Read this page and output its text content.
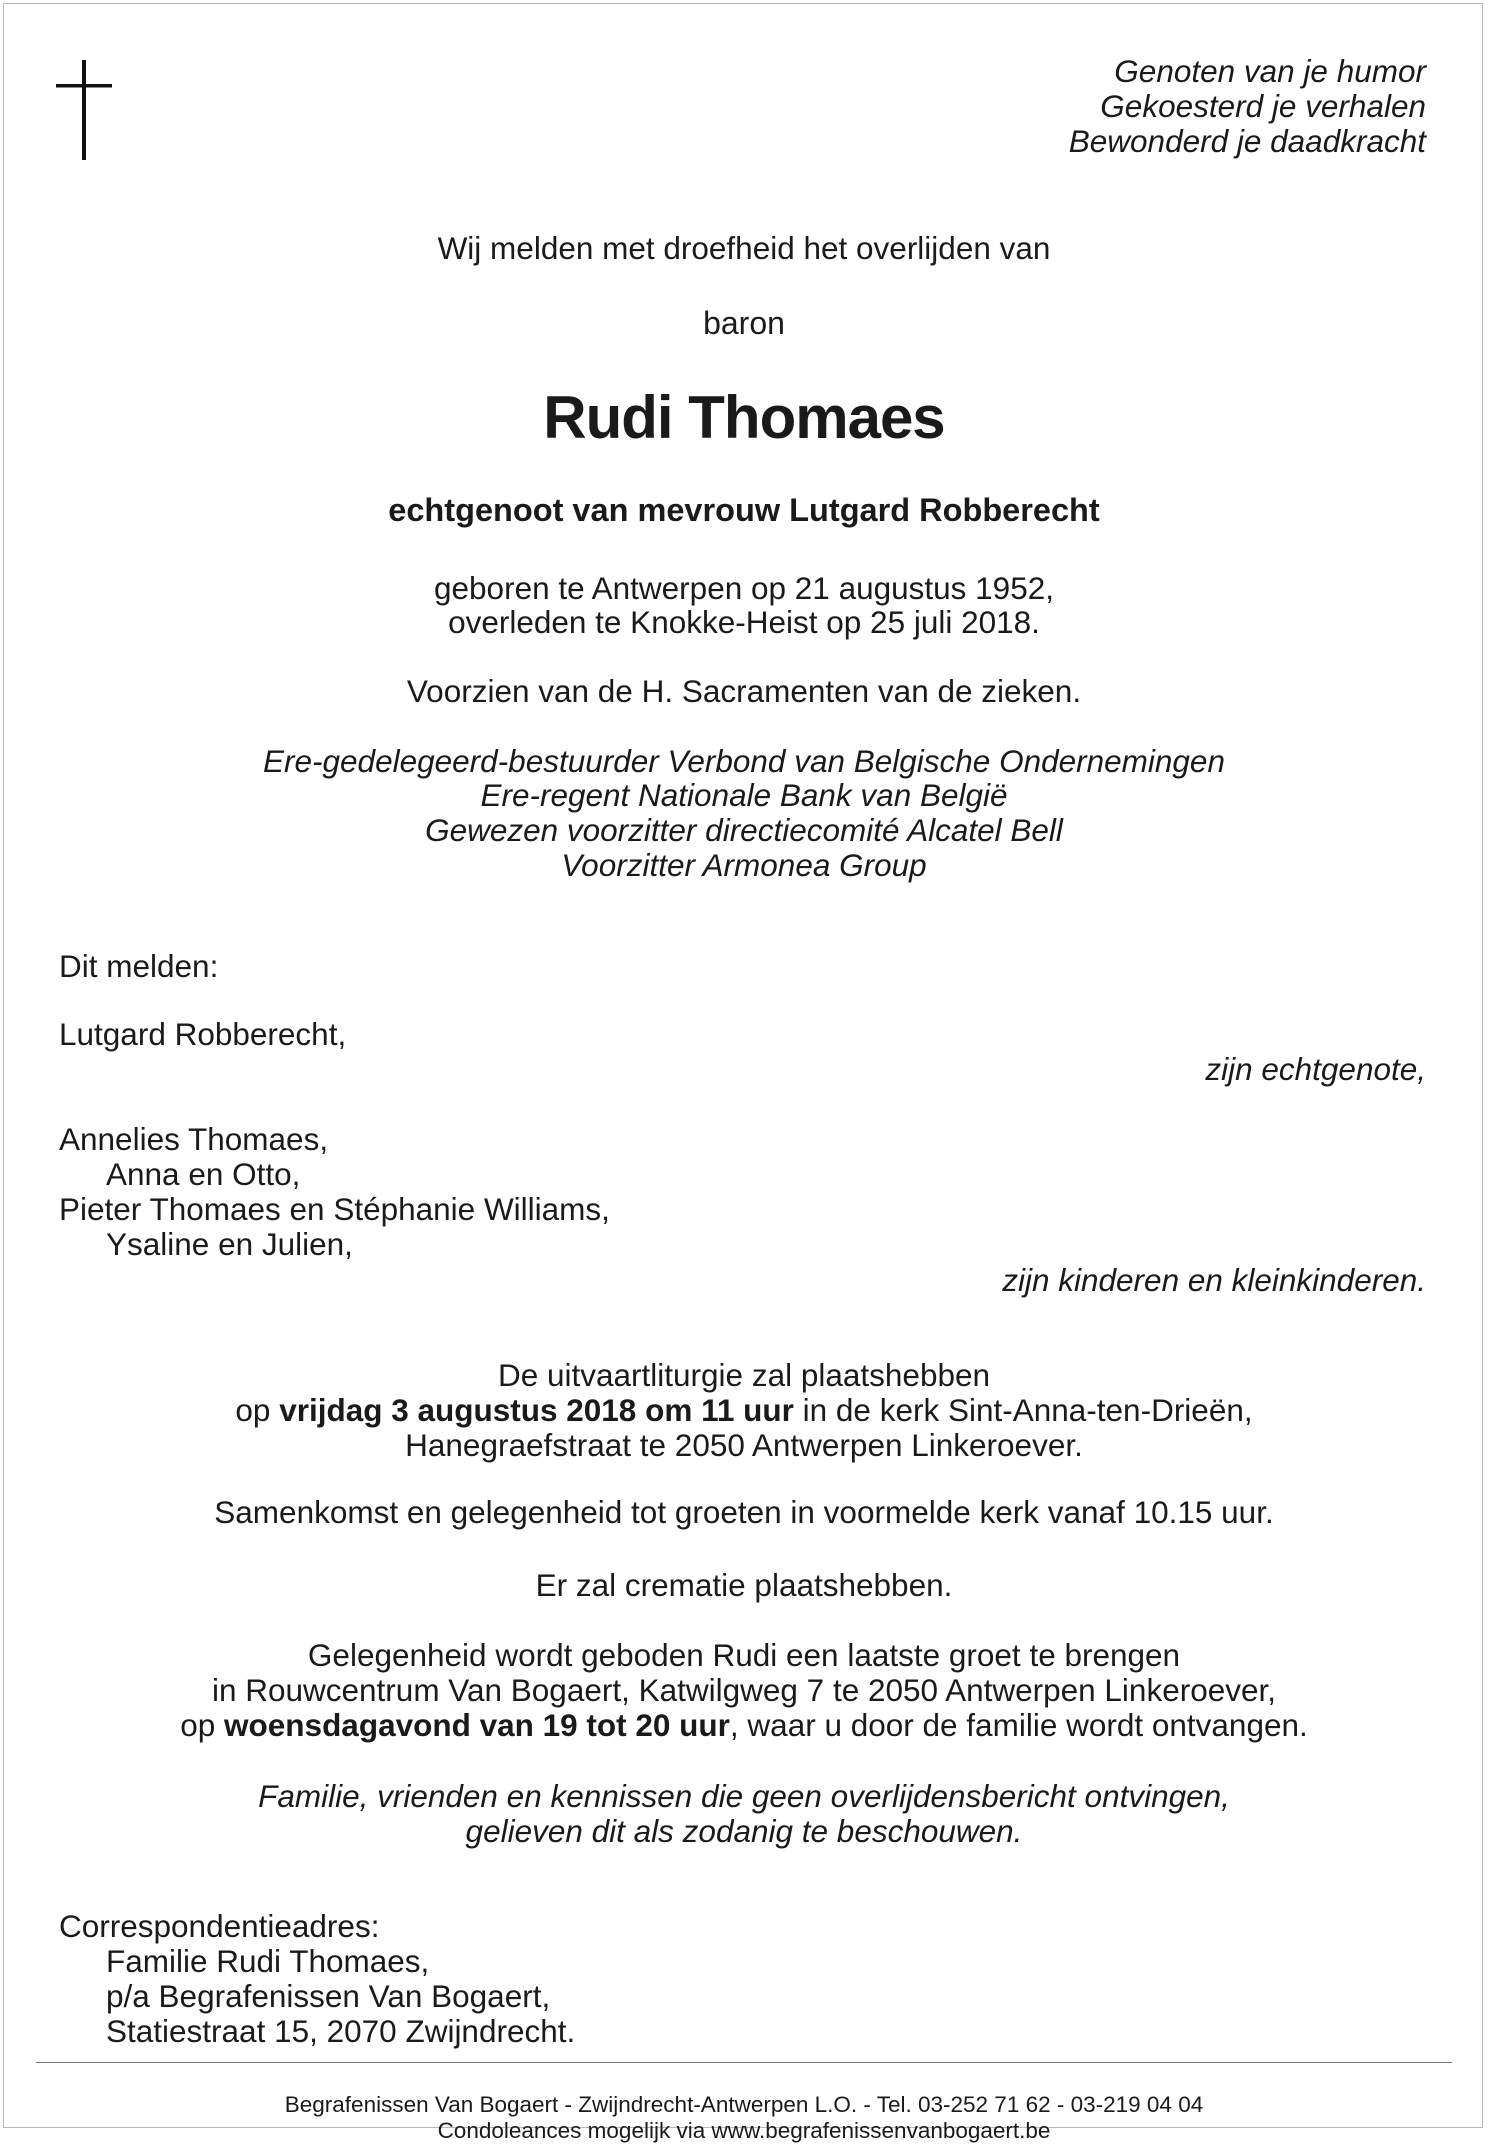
Genoten van je humor

Gekoesterd je verhalen

Bewonderd je daadkracht

Wij melden met droefheid het overlijden van

baron

Rudi Thomaes

echtgenoot van mevrouw Lutgard Robberecht

geboren te Antwerpen op 21 augustus 1952,

overleden te Knokke-Heist op 25 juli 2018.

Voorzien van de H. Sacramenten van de zieken.

Ere-gedelegeerd-bestuurder Verbond van Belgische Ondernemingen

Ere-regent Nationale Bank van België

Gewezen voorzitter directiecomité Alcatel Bell

Voorzitter Armonea Group

Dit melden:

Lutgard Robberecht,

zijn echtgenote,

Annelies Thomaes,

Anna en Otto,

Pieter Thomaes en Stéphanie Williams,

Ysaline en Julien,

zijn kinderen en kleinkinderen.

De uitvaartliturgie zal plaatshebben

op vrijdag 3 augustus 2018 om 11 uur in de kerk Sint-Anna-ten-Drieën,

Hanegraefstraat te 2050 Antwerpen Linkeroever.

Samenkomst en gelegenheid tot groeten in voormelde kerk vanaf 10.15 uur.

Er zal crematie plaatshebben.

Gelegenheid wordt geboden Rudi een laatste groet te brengen

in Rouwcentrum Van Bogaert, Katwilgweg 7 te 2050 Antwerpen Linkeroever,

op woensdagavond van 19 tot 20 uur, waar u door de familie wordt ontvangen.

Familie, vrienden en kennissen die geen overlijdensbericht ontvingen,

gelieven dit als zodanig te beschouwen.

Correspondentieadres:

Familie Rudi Thomaes,

p/a Begrafenissen Van Bogaert,

Statiestraat 15, 2070 Zwijndrecht.

Begrafenissen Van Bogaert - Zwijndrecht-Antwerpen L.O. - Tel. 03-252 71 62 - 03-219 04 04

Condoleances mogelijk via www.begrafenissenvanbogaert.be
